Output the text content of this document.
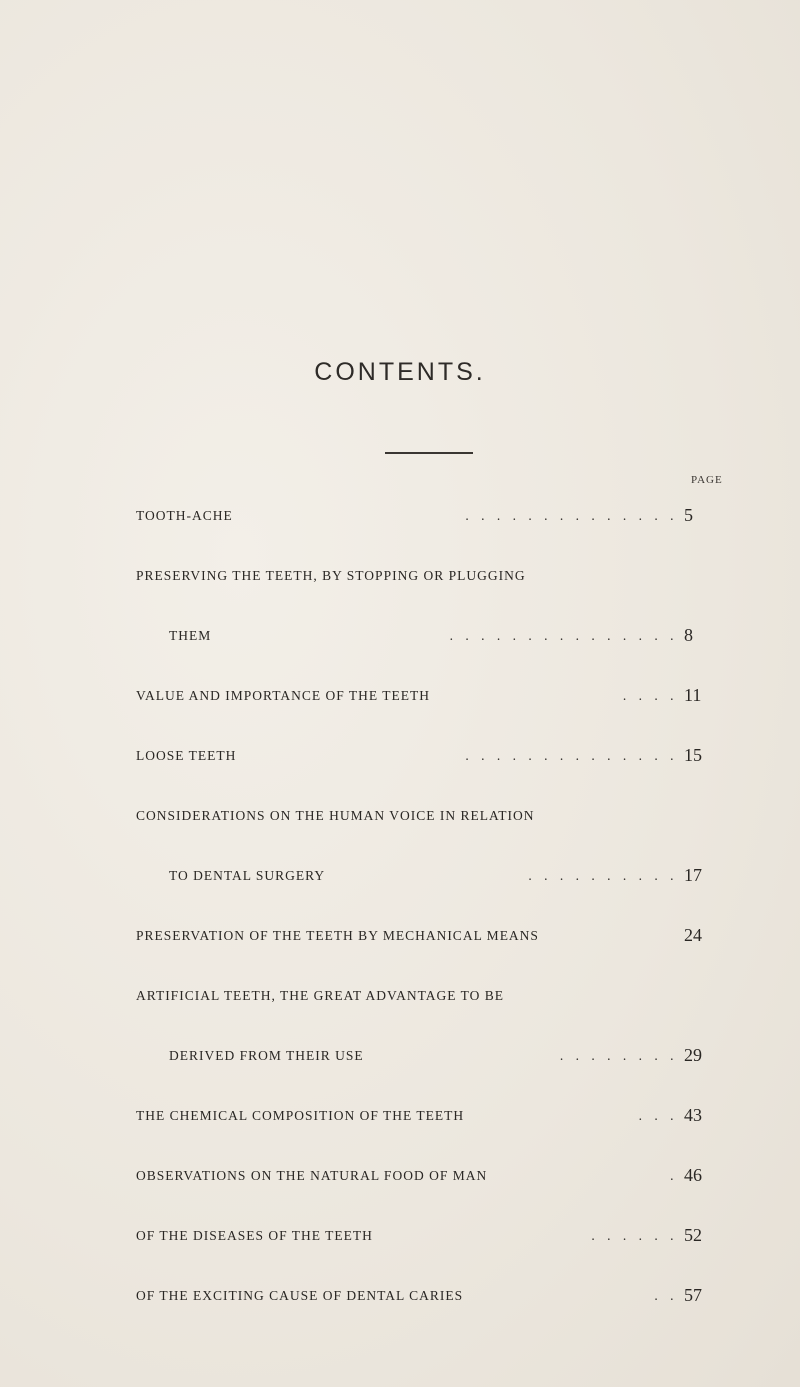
CONTENTS.
PAGE
TOOTH-ACHE	. . . . . . . . . . . . . . 5
PRESERVING THE TEETH, BY STOPPING OR PLUGGING
THEM	. . . . . . . . . . . . . . . 8
VALUE AND IMPORTANCE OF THE TEETH	. . . . 11
LOOSE TEETH	. . . . . . . . . . . . . . 15
CONSIDERATIONS ON THE HUMAN VOICE IN RELATION
TO DENTAL SURGERY	. . . . . . . . . . 17
PRESERVATION OF THE TEETH BY MECHANICAL MEANS	24
ARTIFICIAL TEETH, THE GREAT ADVANTAGE TO BE
DERIVED FROM THEIR USE	. . . . . . . . 29
THE CHEMICAL COMPOSITION OF THE TEETH	. . . 43
OBSERVATIONS ON THE NATURAL FOOD OF MAN	. 46
OF THE DISEASES OF THE TEETH	. . . . . . 52
OF THE EXCITING CAUSE OF DENTAL CARIES	. . 57
